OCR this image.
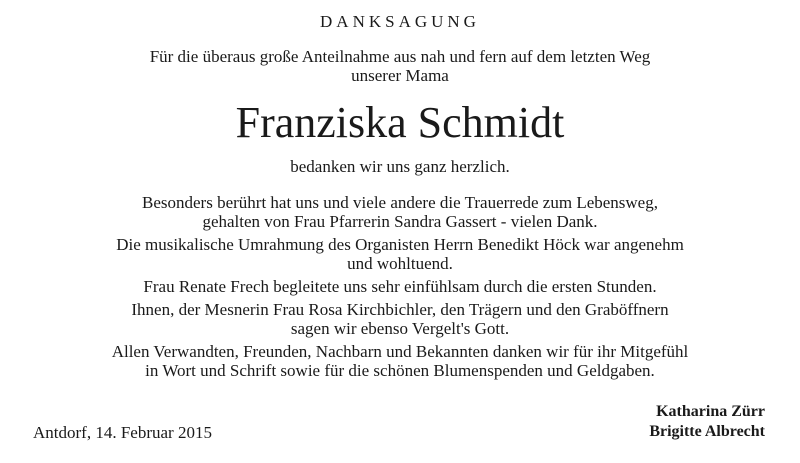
DANKSAGUNG
Für die überaus große Anteilnahme aus nah und fern auf dem letzten Weg
unserer Mama
Franziska Schmidt
bedanken wir uns ganz herzlich.
Besonders berührt hat uns und viele andere die Trauerrede zum Lebensweg,
gehalten von Frau Pfarrerin Sandra Gassert - vielen Dank.
Die musikalische Umrahmung des Organisten Herrn Benedikt Höck war angenehm
und wohltuend.
Frau Renate Frech begleitete uns sehr einfühlsam durch die ersten Stunden.
Ihnen, der Mesnerin Frau Rosa Kirchbichler, den Trägern und den Graböffnern
sagen wir ebenso Vergelt's Gott.
Allen Verwandten, Freunden, Nachbarn und Bekannten danken wir für ihr Mitgefühl
in Wort und Schrift sowie für die schönen Blumenspenden und Geldgaben.
Antdorf, 14. Februar 2015
Katharina Zürr
Brigitte Albrecht
